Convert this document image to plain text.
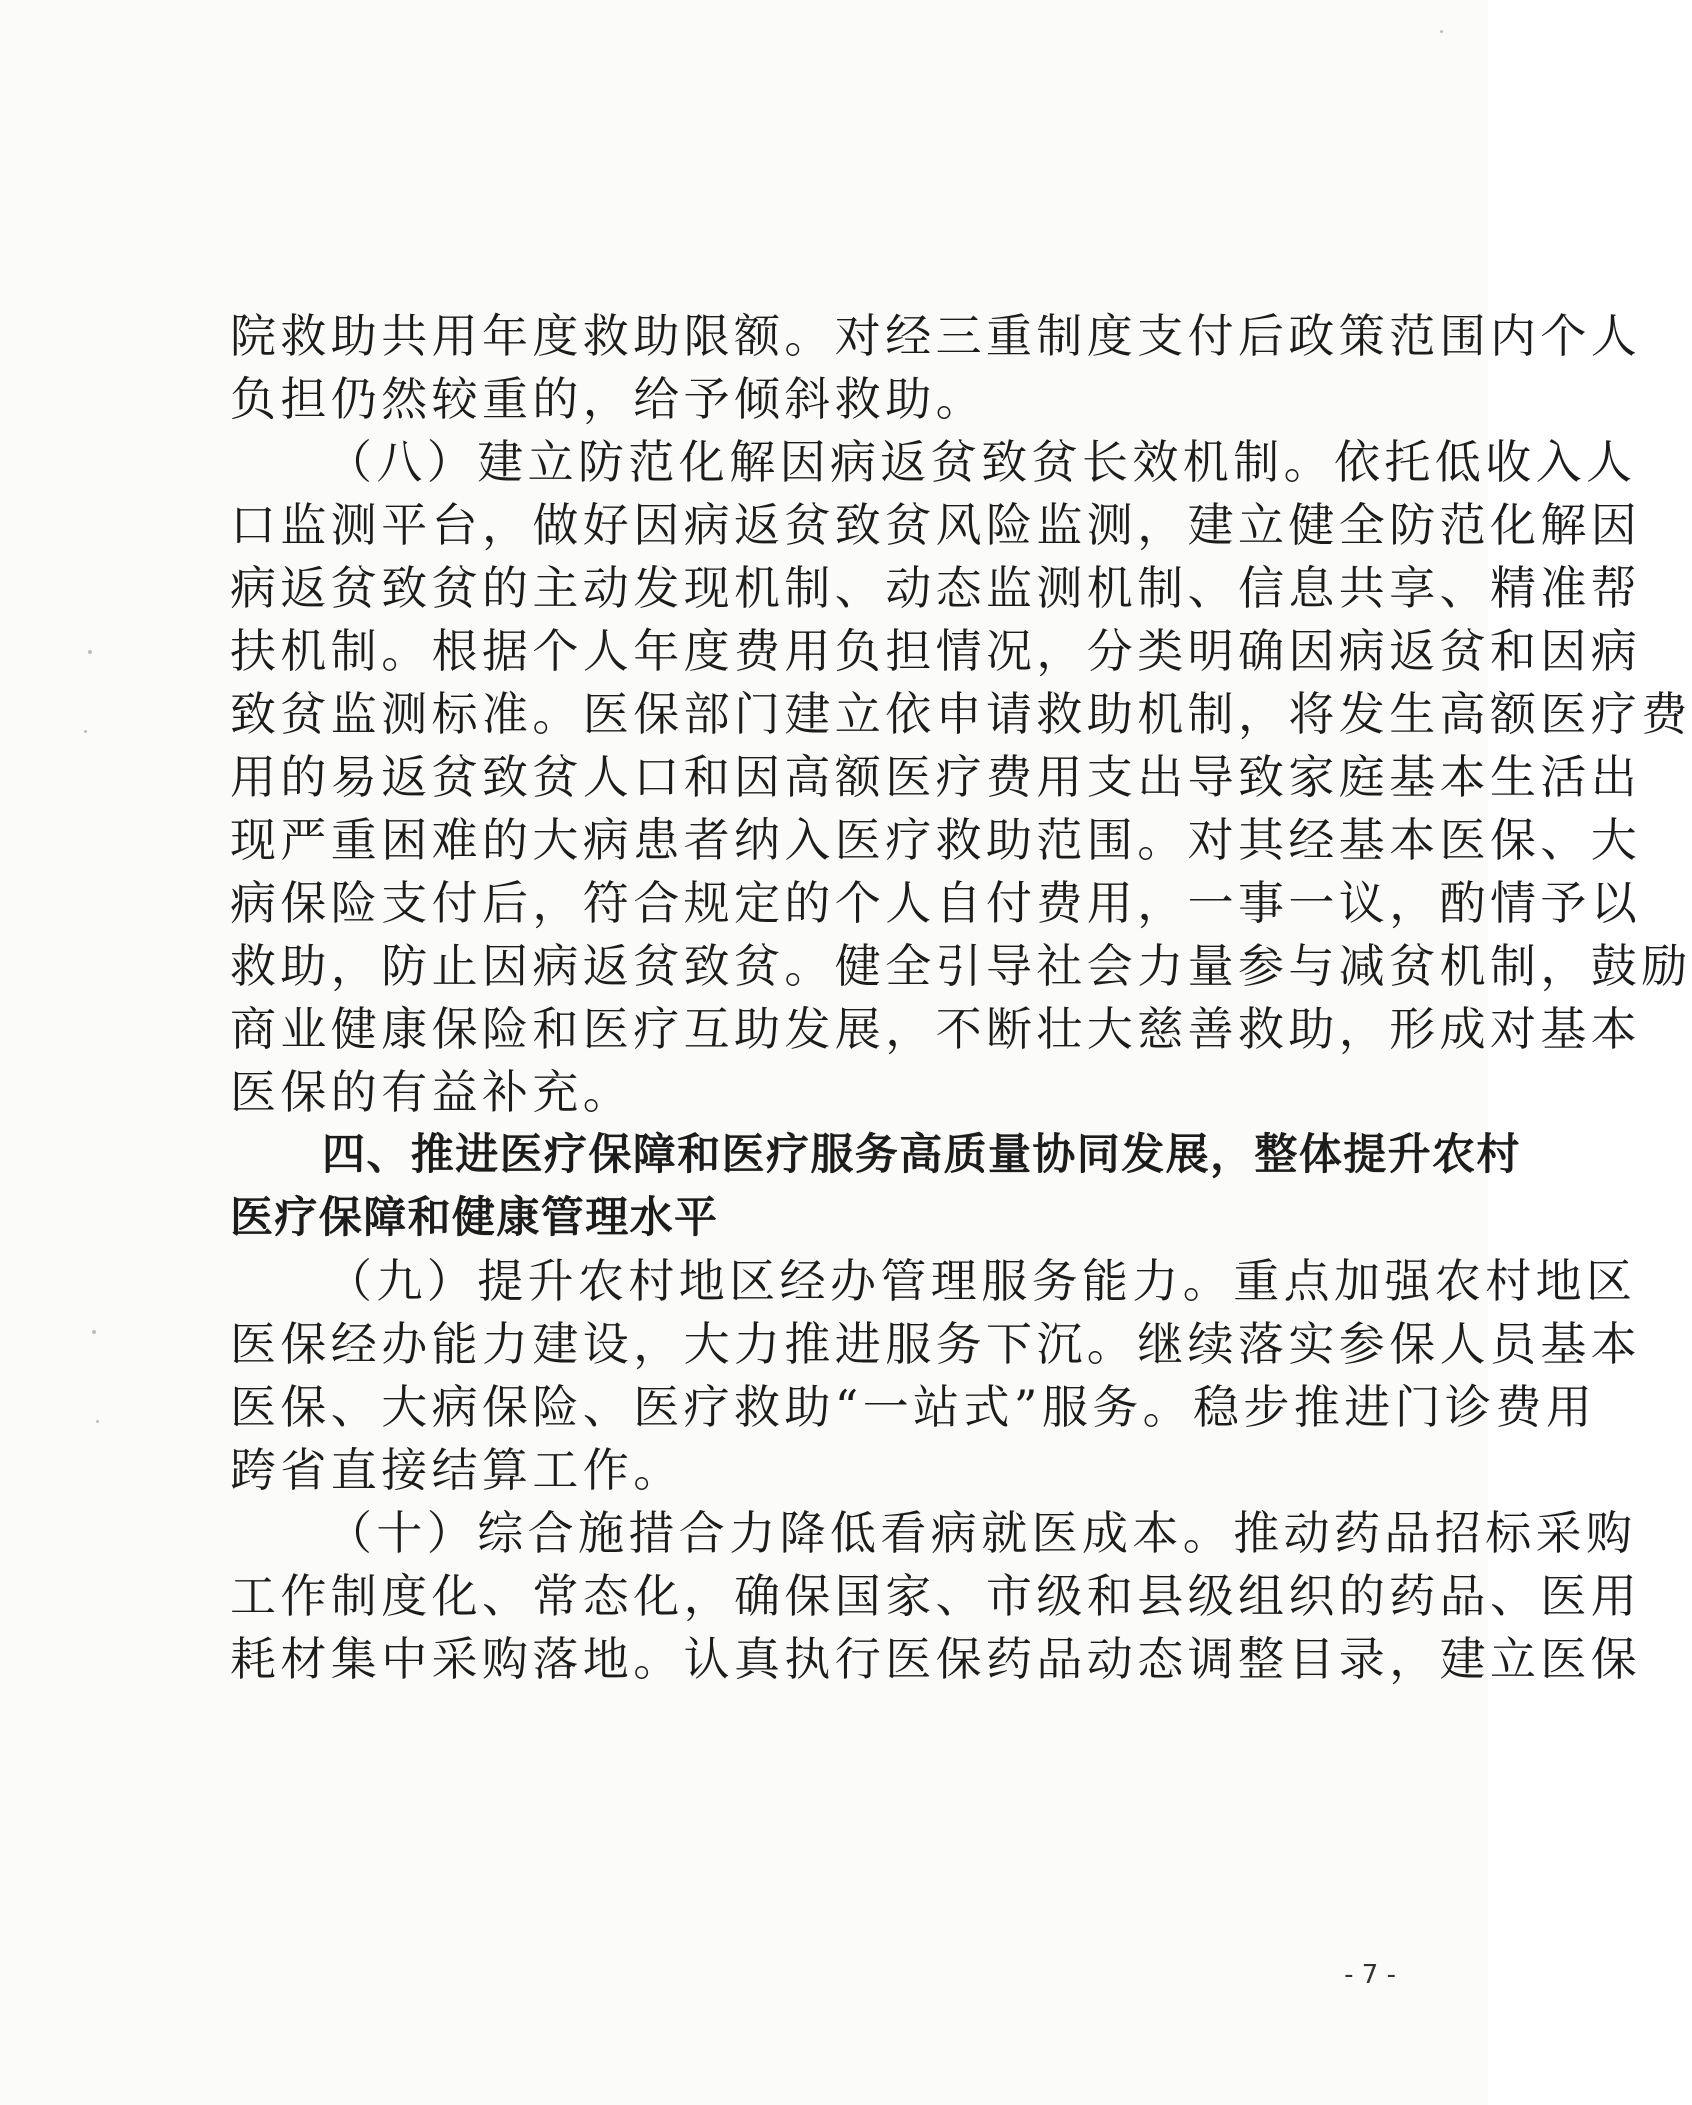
院救助共用年度救助限额。对经三重制度支付后政策范围内个人
负担仍然较重的，给予倾斜救助。
（八）建立防范化解因病返贫致贫长效机制。依托低收入人
口监测平台，做好因病返贫致贫风险监测，建立健全防范化解因
病返贫致贫的主动发现机制、动态监测机制、信息共享、精准帮
扶机制。根据个人年度费用负担情况，分类明确因病返贫和因病
致贫监测标准。医保部门建立依申请救助机制，将发生高额医疗费
用的易返贫致贫人口和因高额医疗费用支出导致家庭基本生活出
现严重困难的大病患者纳入医疗救助范围。对其经基本医保、大
病保险支付后，符合规定的个人自付费用，一事一议，酌情予以
救助，防止因病返贫致贫。健全引导社会力量参与减贫机制，鼓励
商业健康保险和医疗互助发展，不断壮大慈善救助，形成对基本
医保的有益补充。
四、推进医疗保障和医疗服务高质量协同发展，整体提升农村
医疗保障和健康管理水平
（九）提升农村地区经办管理服务能力。重点加强农村地区
医保经办能力建设，大力推进服务下沉。继续落实参保人员基本
医保、大病保险、医疗救助“一站式”服务。稳步推进门诊费用
跨省直接结算工作。
（十）综合施措合力降低看病就医成本。推动药品招标采购
工作制度化、常态化，确保国家、市级和县级组织的药品、医用
耗材集中采购落地。认真执行医保药品动态调整目录，建立医保
- 7 -
